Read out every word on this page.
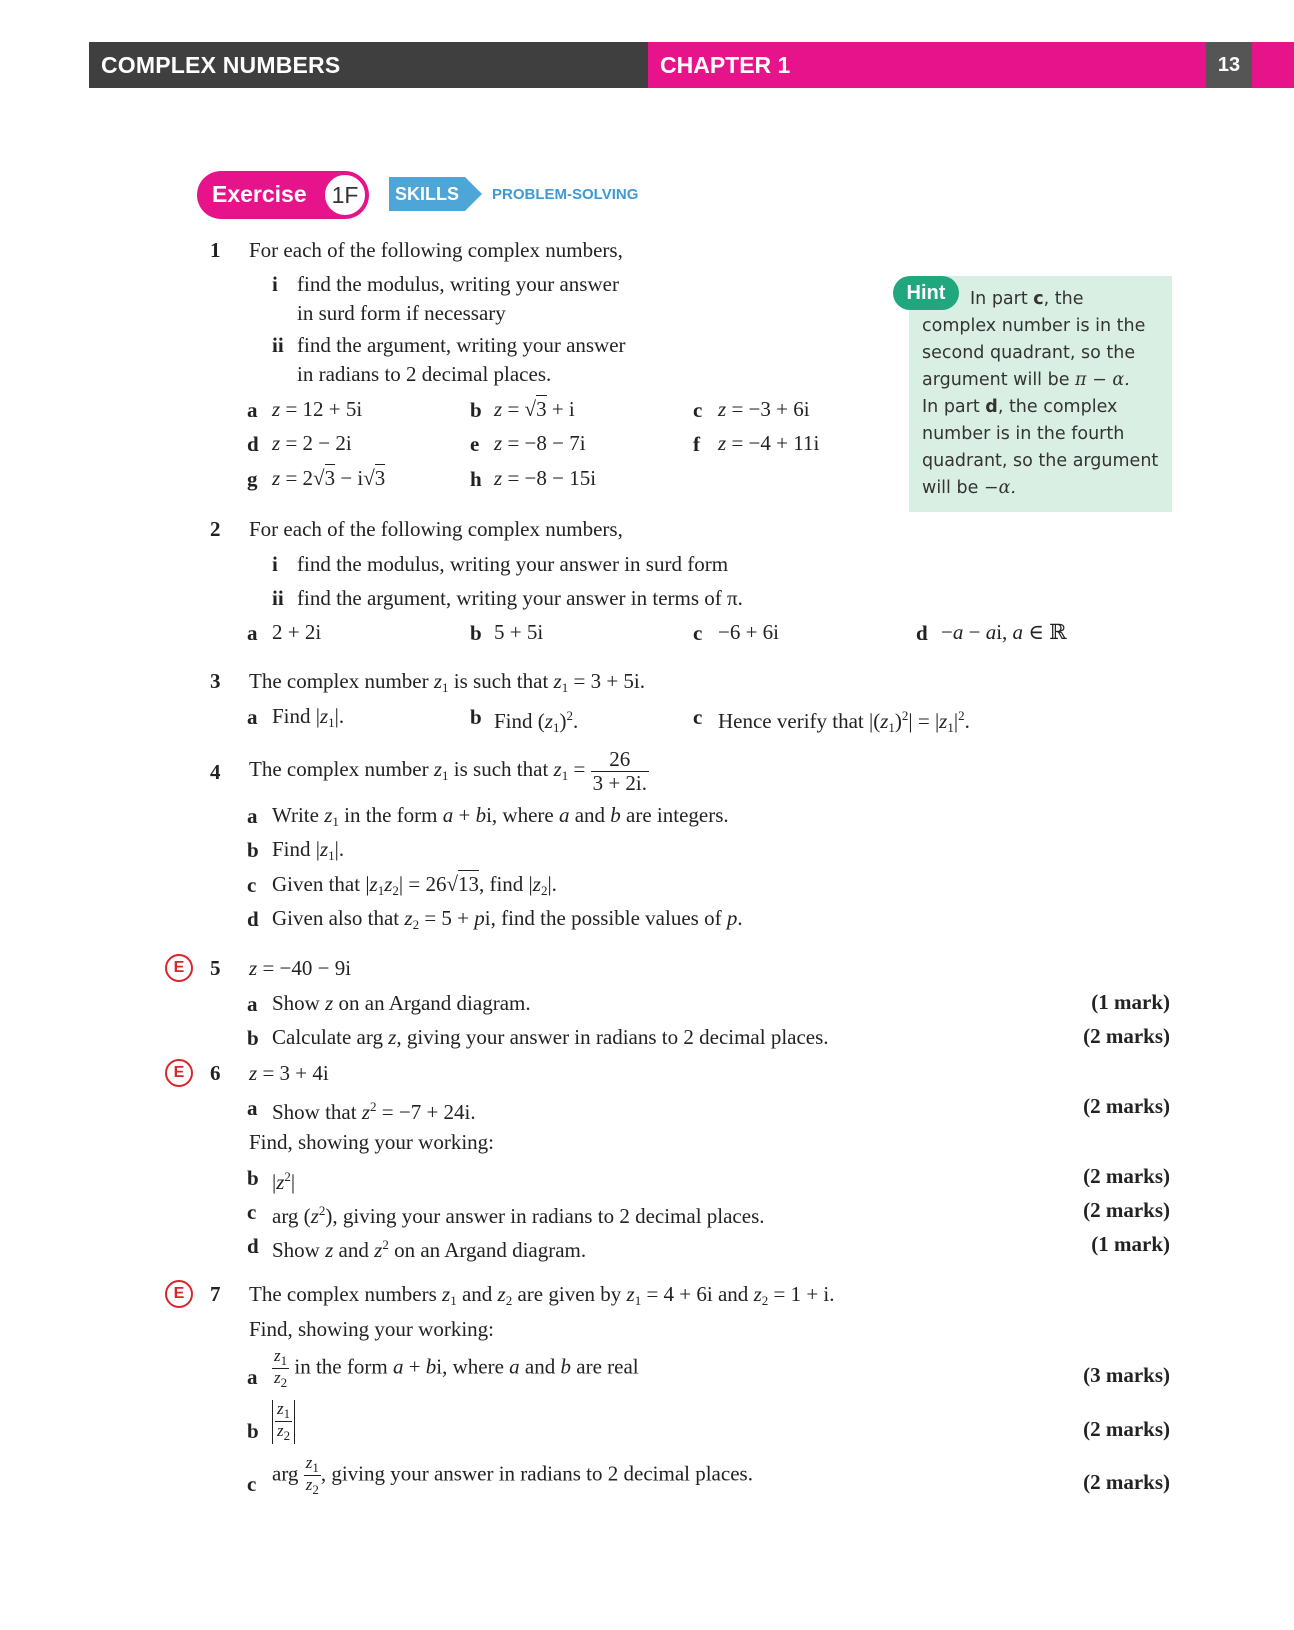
COMPLEX NUMBERS	CHAPTER 1	13
Exercise	1F	SKILLS	PROBLEM-SOLVING
Hint	In part c, the
complex number is in the
second quadrant, so the
argument will be π − α.
In part d, the complex
number is in the fourth
quadrant, so the argument
will be −α.
1 For each of the following complex numbers,
i find the modulus, writing your answer
in surd form if necessary
ii find the argument, writing your answer
in radians to 2 decimal places.
a z = 12 + 5i	b z = √3 + i	c z = −3 + 6i
d z = 2 − 2i	e z = −8 − 7i	f z = −4 + 11i
g z = 2√3 − i√3	h z = −8 − 15i
2 For each of the following complex numbers,
i find the modulus, writing your answer in surd form
ii find the argument, writing your answer in terms of π.
a 2 + 2i	b 5 + 5i	c −6 + 6i	d −a − ai, a ∈ ℝ
3 The complex number $z_1$ is such that $z_1 = 3 + 5i$.
a Find $|z_1|$.	b Find $(z_1)^2$.	c Hence verify that $|(z_1)^2| = |z_1|^2$.
4 The complex number $z_1$ is such that $z_1 = \frac{26}{3 + 2i.}$
a Write $z_1$ in the form a + bi, where a and b are integers.
b Find $|z_1|$.
c Given that $|z_1z_2| = 26√13$, find $|z_2|$.
d Given also that $z_2 = 5$ + pi, find the possible values of p.
E	5 z = −40 − 9i
a Show z on an Argand diagram.	(1 mark)
b Calculate arg z, giving your answer in radians to 2 decimal places.	(2 marks)
E	6 z = 3 + 4i
a Show that $z^2 = -7 + 24i$.	(2 marks)
Find, showing your working:
b $|z^2|$	(2 marks)
c arg $(z^2)$, giving your answer in radians to 2 decimal places.	(2 marks)
d Show z and $z^2$ on an Argand diagram.	(1 mark)
E	7 The complex numbers $z_1$ and $z_2$ are given by $z_1 = 4 + 6i$ and $z_2 = 1 + i$.
Find, showing your working:
a $\frac{z_1}{z_2}$ in the form a + bi, where a and b are real	(3 marks)
b $\frac{z_1}{z_2}$	(2 marks)
c arg $\frac{z_1}{z_2}$ , giving your answer in radians to 2 decimal places.	(2 marks)
